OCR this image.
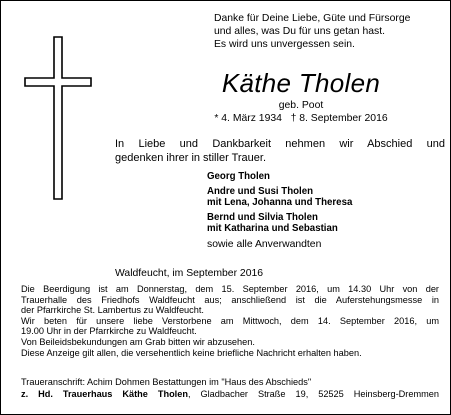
Danke für Deine Liebe, Güte und Fürsorge
und alles, was Du für uns getan hast.
Es wird uns unvergessen sein.
Käthe Tholen
geb. Poot
* 4. März 1934   † 8. September 2016
In Liebe und Dankbarkeit nehmen wir Abschied und
gedenken ihrer in stiller Trauer.
Georg Tholen
Andre und Susi Tholen
mit Lena, Johanna und Theresa
Bernd und Silvia Tholen
mit Katharina und Sebastian
sowie alle Anverwandten
Waldfeucht, im September 2016
Die Beerdigung ist am Donnerstag, dem 15. September 2016, um 14.30 Uhr von der
Trauerhalle des Friedhofs Waldfeucht aus; anschließend ist die Auferstehungsmesse in
der Pfarrkirche St. Lambertus zu Waldfeucht.
Wir beten für unsere liebe Verstorbene am Mittwoch, dem 14. September 2016, um
19.00 Uhr in der Pfarrkirche zu Waldfeucht.
Von Beileidsbekundungen am Grab bitten wir abzusehen.
Diese Anzeige gilt allen, die versehentlich keine briefliche Nachricht erhalten haben.
Traueranschrift: Achim Dohmen Bestattungen im "Haus des Abschieds"
z. Hd. Trauerhaus Käthe Tholen, Gladbacher Straße 19, 52525 Heinsberg-Dremmen
